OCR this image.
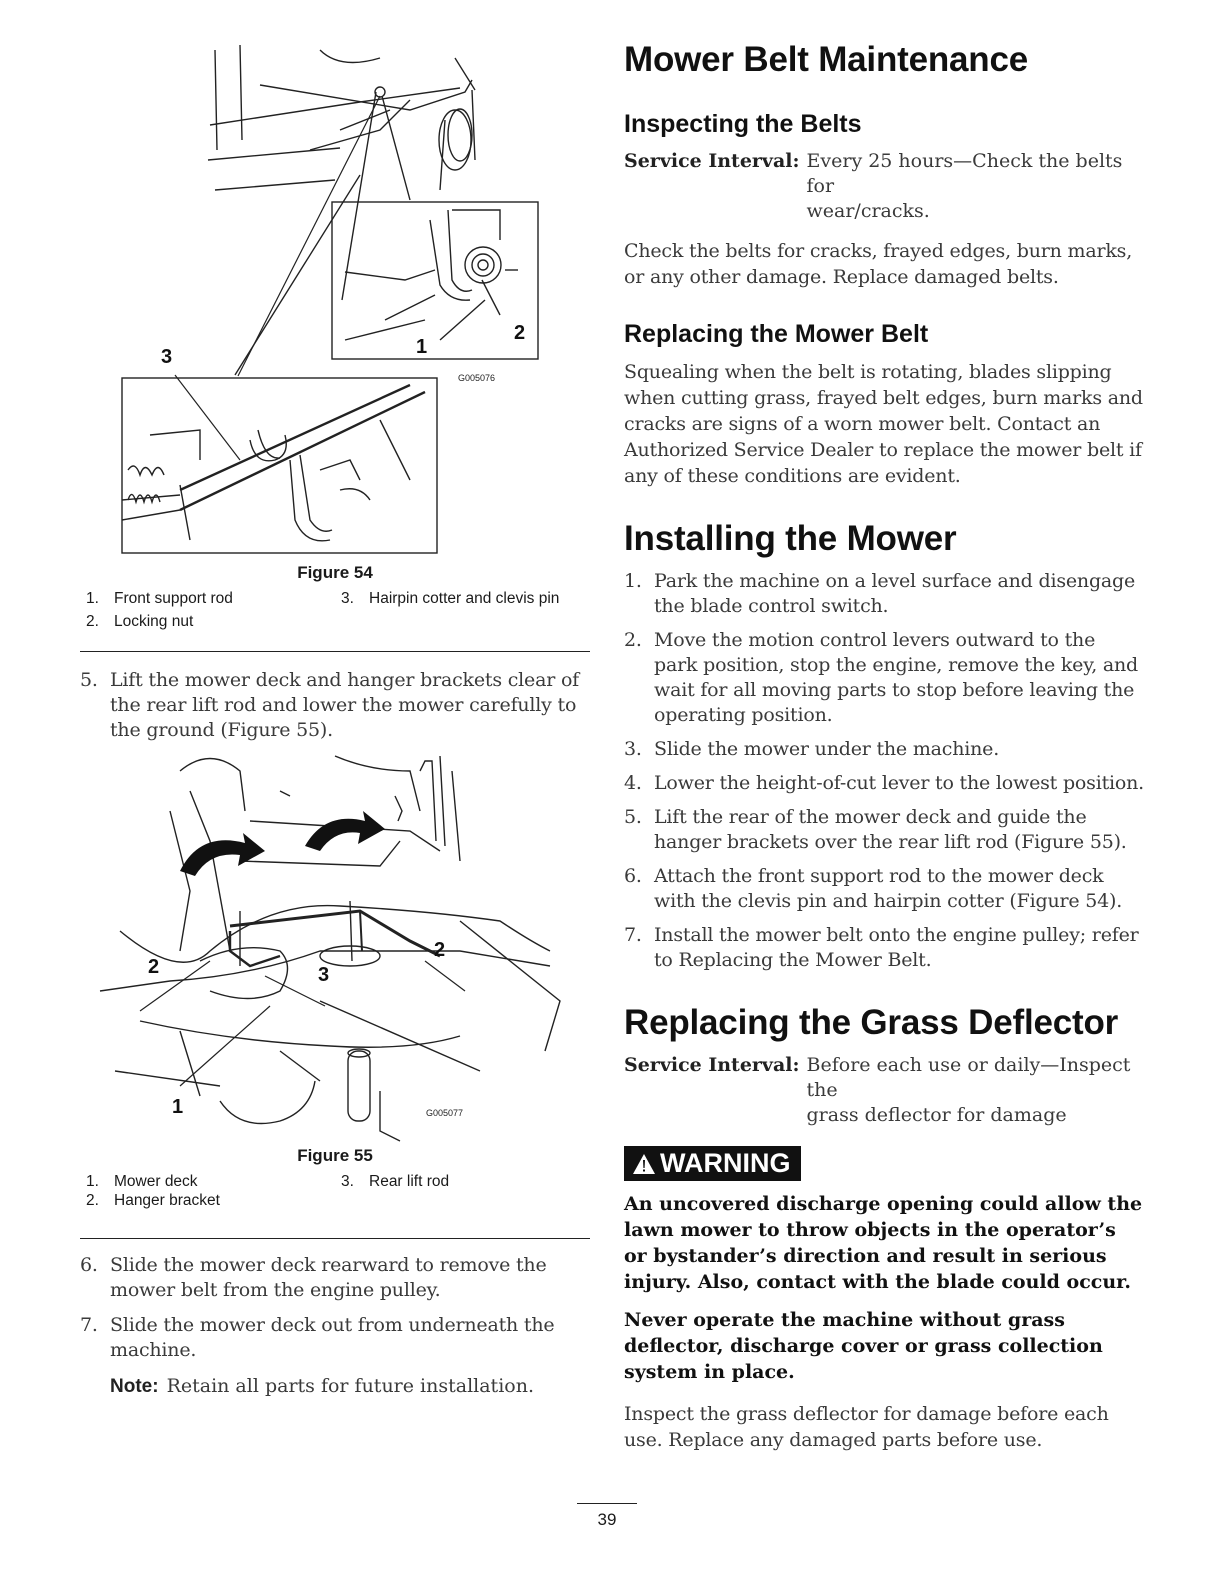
G005076
1
2
3

Figure 54

1. Front support rod	3. Hairpin cotter and clevis pin
2. Locking nut
5. Lift the mower deck and hanger brackets clear of the rear lift rod and lower the mower carefully to the ground (Figure 55).
G005077
1
2
2
3

Figure 55

1. Mower deck	3. Rear lift rod
2. Hanger bracket
6. Slide the mower deck rearward to remove the mower belt from the engine pulley.
7. Slide the mower deck out from underneath the machine.
Note: Retain all parts for future installation.
Mower Belt Maintenance
Inspecting the Belts
Service Interval: Every 25 hours—Check the belts for
wear/cracks.

Check the belts for cracks, frayed edges, burn marks, or any other damage. Replace damaged belts.

Replacing the Mower Belt

Squealing when the belt is rotating, blades slipping when cutting grass, frayed belt edges, burn marks and cracks are signs of a worn mower belt. Contact an Authorized Service Dealer to replace the mower belt if any of these conditions are evident.

Installing the Mower
1. Park the machine on a level surface and disengage the blade control switch.
2. Move the motion control levers outward to the park position, stop the engine, remove the key, and wait for all moving parts to stop before leaving the operating position.
3. Slide the mower under the machine.
4. Lower the height-of-cut lever to the lowest position.
5. Lift the rear of the mower deck and guide the hanger brackets over the rear lift rod (Figure 55).
6. Attach the front support rod to the mower deck with the clevis pin and hairpin cotter (Figure 54).
7. Install the mower belt onto the engine pulley; refer to Replacing the Mower Belt.
Replacing the Grass Deflector
Service Interval: Before each use or daily—Inspect the
grass deflector for damage
WARNING

An uncovered discharge opening could allow the lawn mower to throw objects in the operator’s or bystander’s direction and result in serious injury. Also, contact with the blade could occur.

Never operate the machine without grass deflector, discharge cover or grass collection system in place.

Inspect the grass deflector for damage before each use. Replace any damaged parts before use.

39
